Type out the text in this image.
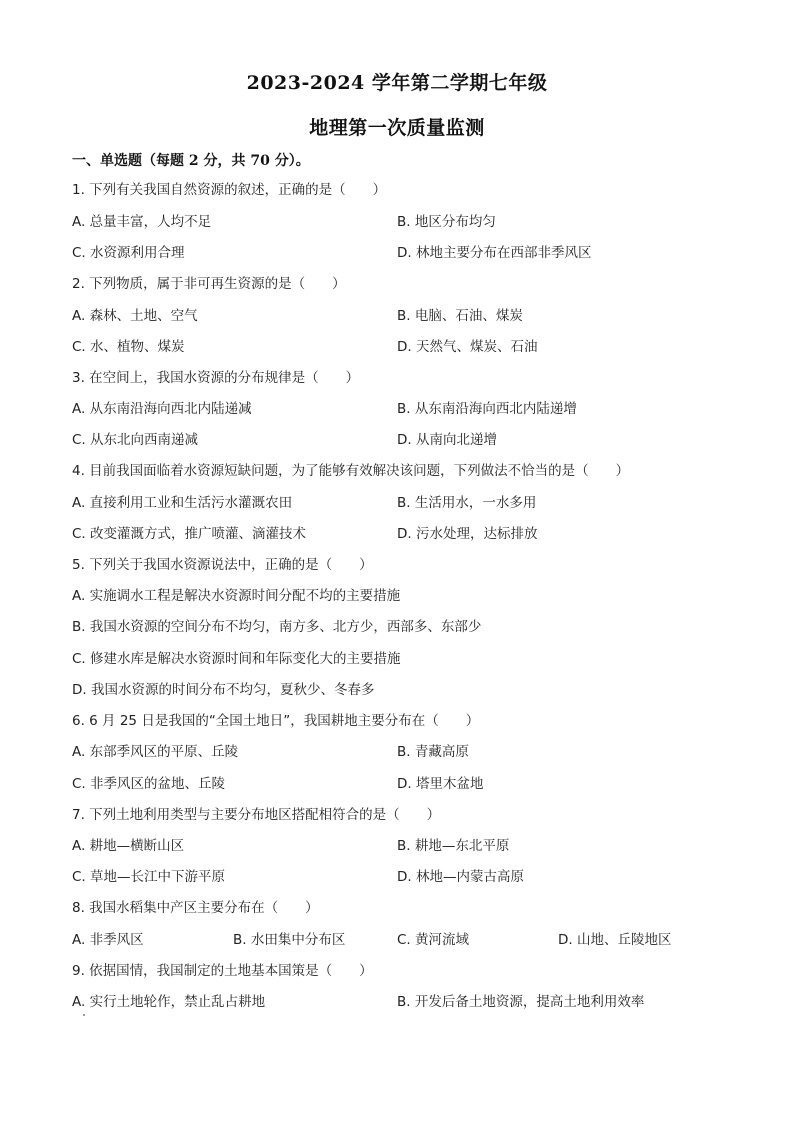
2023-2024 学年第二学期七年级
地理第一次质量监测
一、单选题（每题 2 分，共 70 分）。
1. 下列有关我国自然资源的叙述，正确的是（　　）
A. 总量丰富，人均不足	B. 地区分布均匀
C. 水资源利用合理	D. 林地主要分布在西部非季风区
2. 下列物质，属于非可再生资源的是（　　）
A. 森林、土地、空气	B. 电脑、石油、煤炭
C. 水、植物、煤炭	D. 天然气、煤炭、石油
3. 在空间上，我国水资源的分布规律是（　　）
A. 从东南沿海向西北内陆递减	B. 从东南沿海向西北内陆递增
C. 从东北向西南递减	D. 从南向北递增
4. 目前我国面临着水资源短缺问题，为了能够有效解决该问题，下列做法不恰当的是（　　）
A. 直接利用工业和生活污水灌溉农田	B. 生活用水，一水多用
C. 改变灌溉方式，推广喷灌、滴灌技术	D. 污水处理，达标排放
5. 下列关于我国水资源说法中，正确的是（　　）
A. 实施调水工程是解决水资源时间分配不均的主要措施
B. 我国水资源的空间分布不均匀，南方多、北方少，西部多、东部少
C. 修建水库是解决水资源时间和年际变化大的主要措施
D. 我国水资源的时间分布不均匀，夏秋少、冬春多
6. 6 月 25 日是我国的“全国土地日”，我国耕地主要分布在（　　）
A. 东部季风区的平原、丘陵	B. 青藏高原
C. 非季风区的盆地、丘陵	D. 塔里木盆地
7. 下列土地利用类型与主要分布地区搭配相符合的是（　　）
A. 耕地—横断山区	B. 耕地—东北平原
C. 草地—长江中下游平原	D. 林地—内蒙古高原
8. 我国水稻集中产区主要分布在（　　）
A. 非季风区	B. 水田集中分布区	C. 黄河流域	D. 山地、丘陵地区
9. 依据国情，我国制定的土地基本国策是（　　）
A. 实行土地轮作，禁止乱占耕地	B. 开发后备土地资源，提高土地利用效率
